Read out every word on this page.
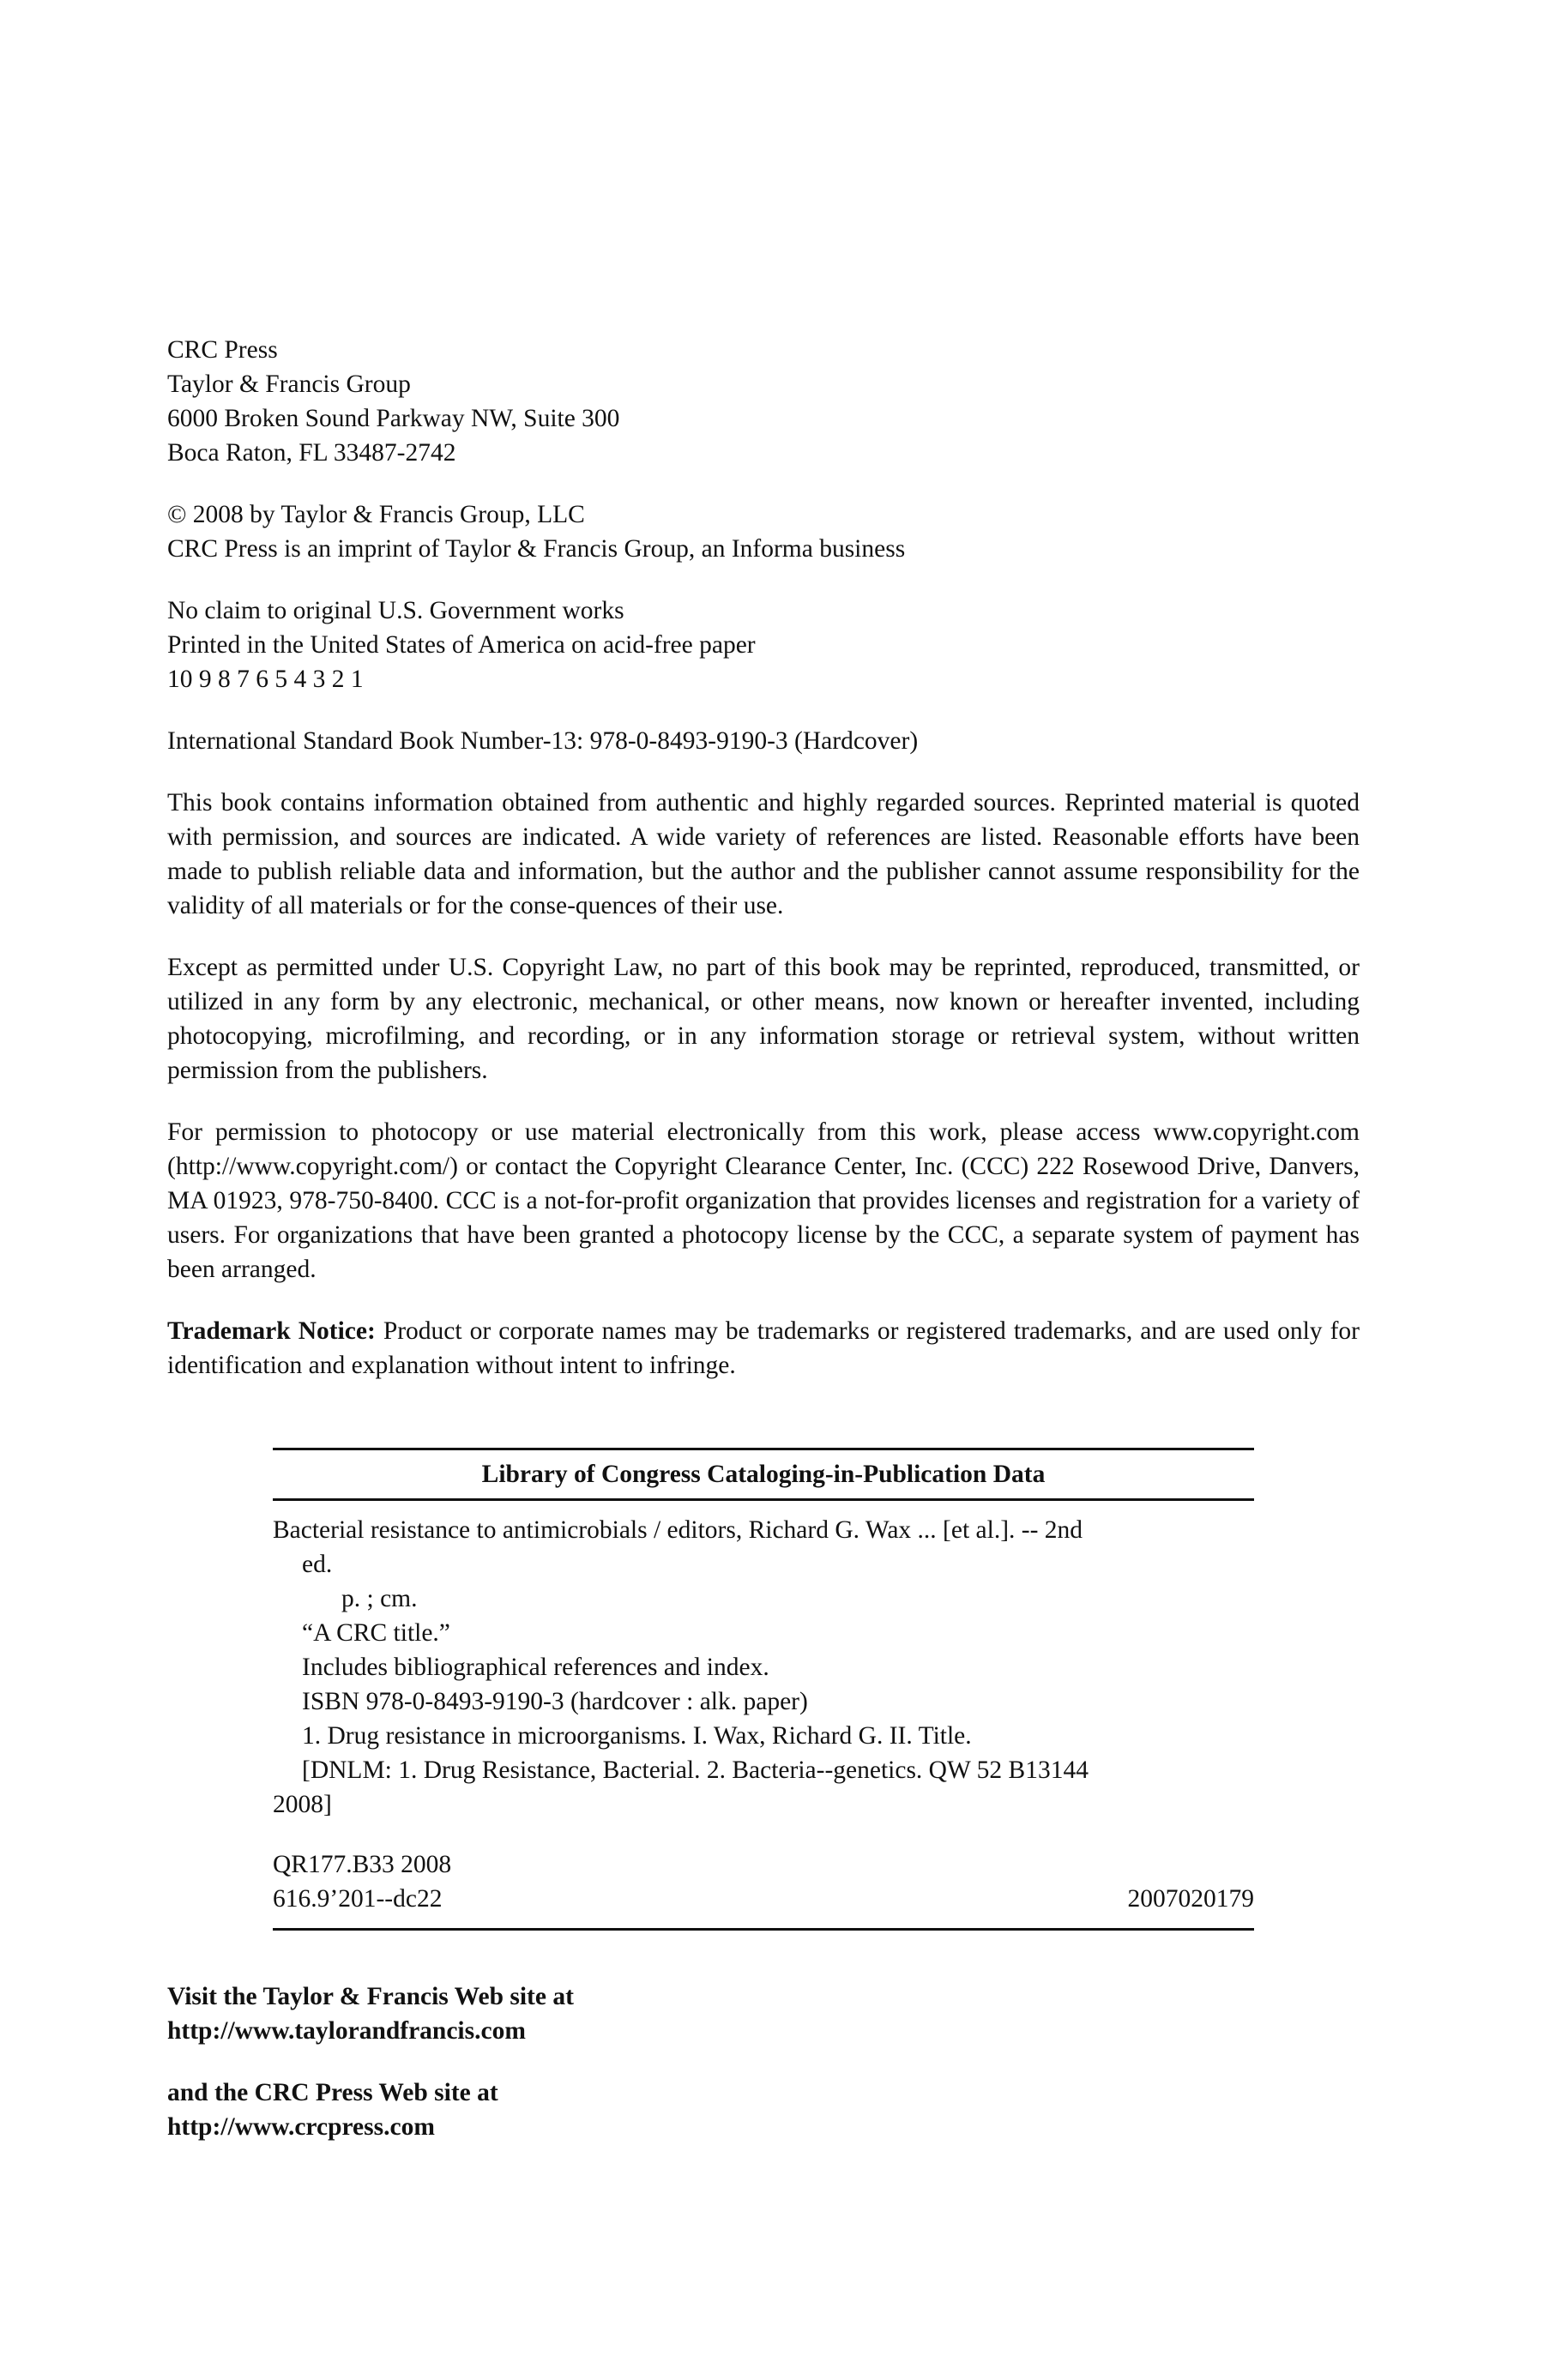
CRC Press
Taylor & Francis Group
6000 Broken Sound Parkway NW, Suite 300
Boca Raton, FL 33487-2742
© 2008 by Taylor & Francis Group, LLC
CRC Press is an imprint of Taylor & Francis Group, an Informa business
No claim to original U.S. Government works
Printed in the United States of America on acid-free paper
10 9 8 7 6 5 4 3 2 1
International Standard Book Number-13: 978-0-8493-9190-3 (Hardcover)

This book contains information obtained from authentic and highly regarded sources. Reprinted material is quoted with permission, and sources are indicated. A wide variety of references are listed. Reasonable efforts have been made to publish reliable data and information, but the author and the publisher cannot assume responsibility for the validity of all materials or for the conse-quences of their use.

Except as permitted under U.S. Copyright Law, no part of this book may be reprinted, reproduced, transmitted, or utilized in any form by any electronic, mechanical, or other means, now known or hereafter invented, including photocopying, microfilming, and recording, or in any information storage or retrieval system, without written permission from the publishers.

For permission to photocopy or use material electronically from this work, please access www.copyright.com (http://www.copyright.com/) or contact the Copyright Clearance Center, Inc. (CCC) 222 Rosewood Drive, Danvers, MA 01923, 978-750-8400. CCC is a not-for-profit organization that provides licenses and registration for a variety of users. For organizations that have been granted a photocopy license by the CCC, a separate system of payment has been arranged.

Trademark Notice: Product or corporate names may be trademarks or registered trademarks, and are used only for identification and explanation without intent to infringe.

Library of Congress Cataloging-in-Publication Data
Bacterial resistance to antimicrobials / editors, Richard G. Wax ... [et al.]. -- 2nd
ed.
p. ; cm.
“A CRC title.”
Includes bibliographical references and index.
ISBN 978-0-8493-9190-3 (hardcover : alk. paper)
1. Drug resistance in microorganisms. I. Wax, Richard G. II. Title.
[DNLM: 1. Drug Resistance, Bacterial. 2. Bacteria--genetics. QW 52 B13144
2008]
QR177.B33 2008
616.9’201--dc22	2007020179
Visit the Taylor & Francis Web site at
http://www.taylorandfrancis.com
and the CRC Press Web site at
http://www.crcpress.com
